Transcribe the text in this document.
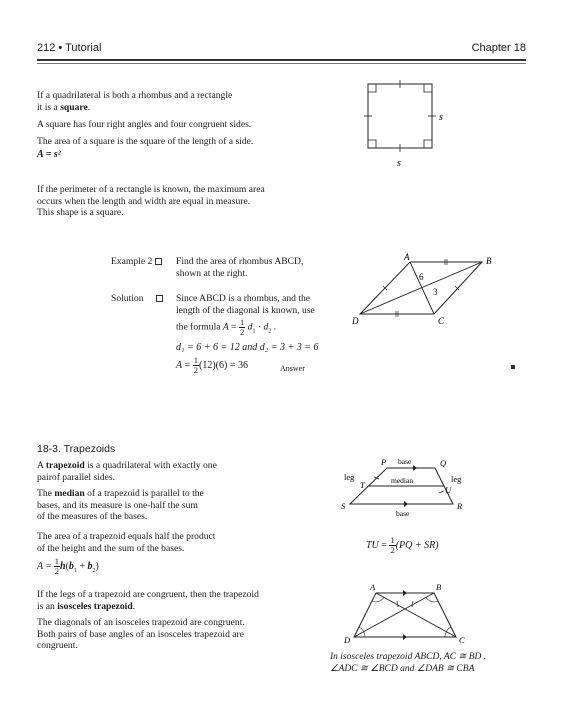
212 • Tutorial	Chapter 18
If a quadrilateral is both a rhombus and a rectangle
it is a square.
A square has four right angles and four congruent sides.
The area of a square is the square of the length of a side.
A = s²
s
s
If the perimeter of a rectangle is known, the maximum area
occurs when the length and width are equal in measure.
This shape is a square.
Example 2	Find the area of rhombus ABCD,
shown at the right.
Solution	Since ABCD is a rhombus, and the
length of the diagonal is known, use
the formula $A = \frac{1}{2} d_1 \cdot d_2$ .
d₁ = 6 + 6 = 12 and d₂ = 3 + 3 = 6
$A = \frac{1}{2} (12)(6) = 36$	Answer
A	B
C
D
6
3
18-3. Trapezoids
A trapezoid is a quadrilateral with exactly one
pairof parallel sides.
The median of a trapezoid is parallel to the
bases, and its measure is one-half the sum
of the measures of the bases.
The area of a trapezoid equals half the product
of the height and the sum of the bases.
$A = \frac{1}{2} h(b_1 + b_2)$
P base	Q
leg	leg
T	median
U
S	R
base
TU = $\frac{1}{2} (PQ + SR)$
If the legs of a trapezoid are congruent, then the trapezoid
is an isosceles trapezoid.
The diagonals of an isosceles trapezoid are congruent.
Both pairs of base angles of an isosceles trapezoid are
congruent.
A	B
C
D
In isosceles trapezoid ABCD, AC ≅ BD .
∠ADC ≅ ∠BCD and ∠DAB ≅ CBA
